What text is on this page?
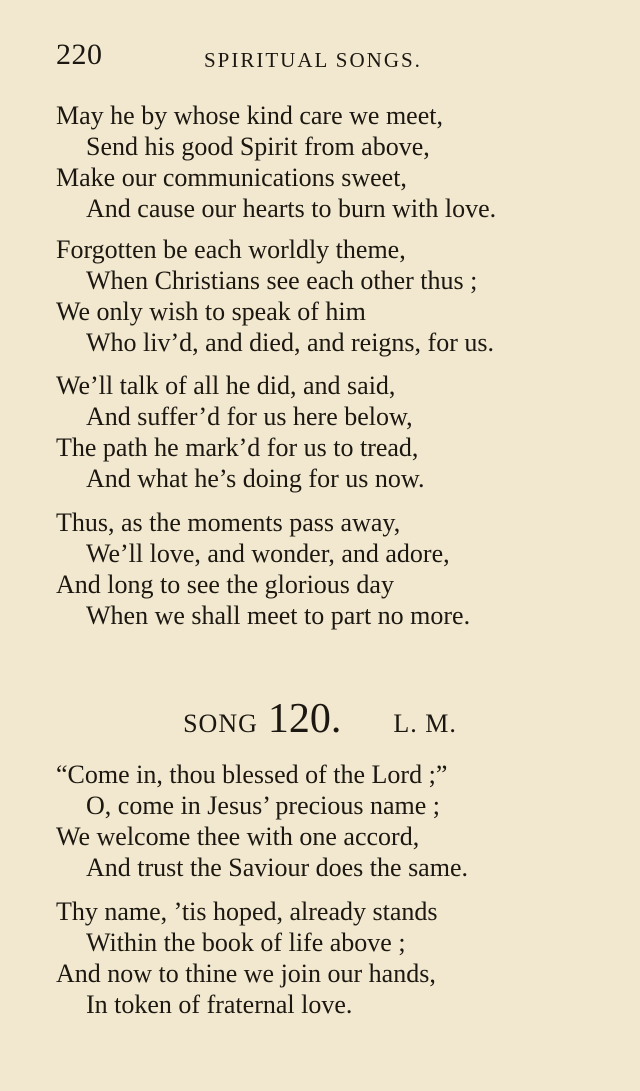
220	SPIRITUAL SONGS.
May he by whose kind care we meet,
Send his good Spirit from above,
Make our communications sweet,
And cause our hearts to burn with love.
Forgotten be each worldly theme,
When Christians see each other thus ;
We only wish to speak of him
Who liv’d, and died, and reigns, for us.
We’ll talk of all he did, and said,
And suffer’d for us here below,
The path he mark’d for us to tread,
And what he’s doing for us now.
Thus, as the moments pass away,
We’ll love, and wonder, and adore,
And long to see the glorious day
When we shall meet to part no more.
SONG 120. L. M.
“Come in, thou blessed of the Lord ;”
O, come in Jesus’ precious name ;
We welcome thee with one accord,
And trust the Saviour does the same.
Thy name, ’tis hoped, already stands
Within the book of life above ;
And now to thine we join our hands,
In token of fraternal love.
